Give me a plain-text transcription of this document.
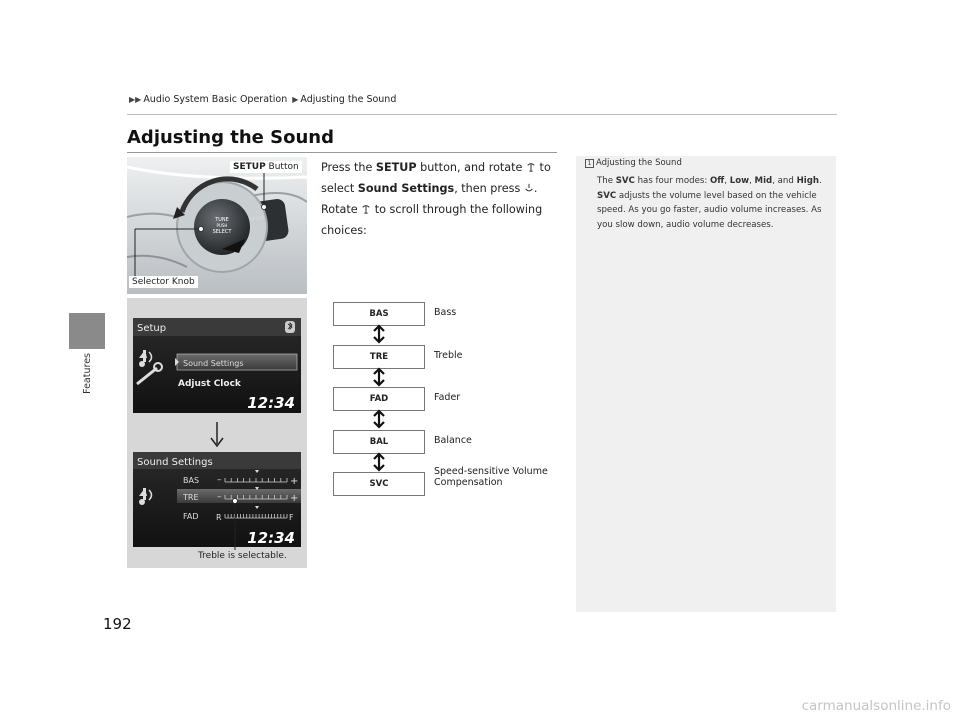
▶▶ Audio System Basic Operation ▶ Adjusting the Sound
Features
192
Adjusting the Sound
Press the SETUP button, and rotate  to select Sound Settings, then press . Rotate  to scroll through the following choices:
1 Adjusting the Sound
The SVC has four modes: Off, Low, Mid, and High.
SVC adjusts the volume level based on the vehicle speed. As you go faster, audio volume increases. As you slow down, audio volume decreases.
TUNE
PUSH
SELECT
SETUP
SETUP Button
Selector Knob
Setup
Sound Settings
Adjust Clock
12:34
Sound Settings
BAS
TRE
FAD
–	+
–	+
R	F
12:34
Treble is selectable.
BAS	Bass
TRE	Treble
FAD	Fader
BAL	Balance
SVC
Speed-sensitive Volume
Compensation
carmanualsonline.info
